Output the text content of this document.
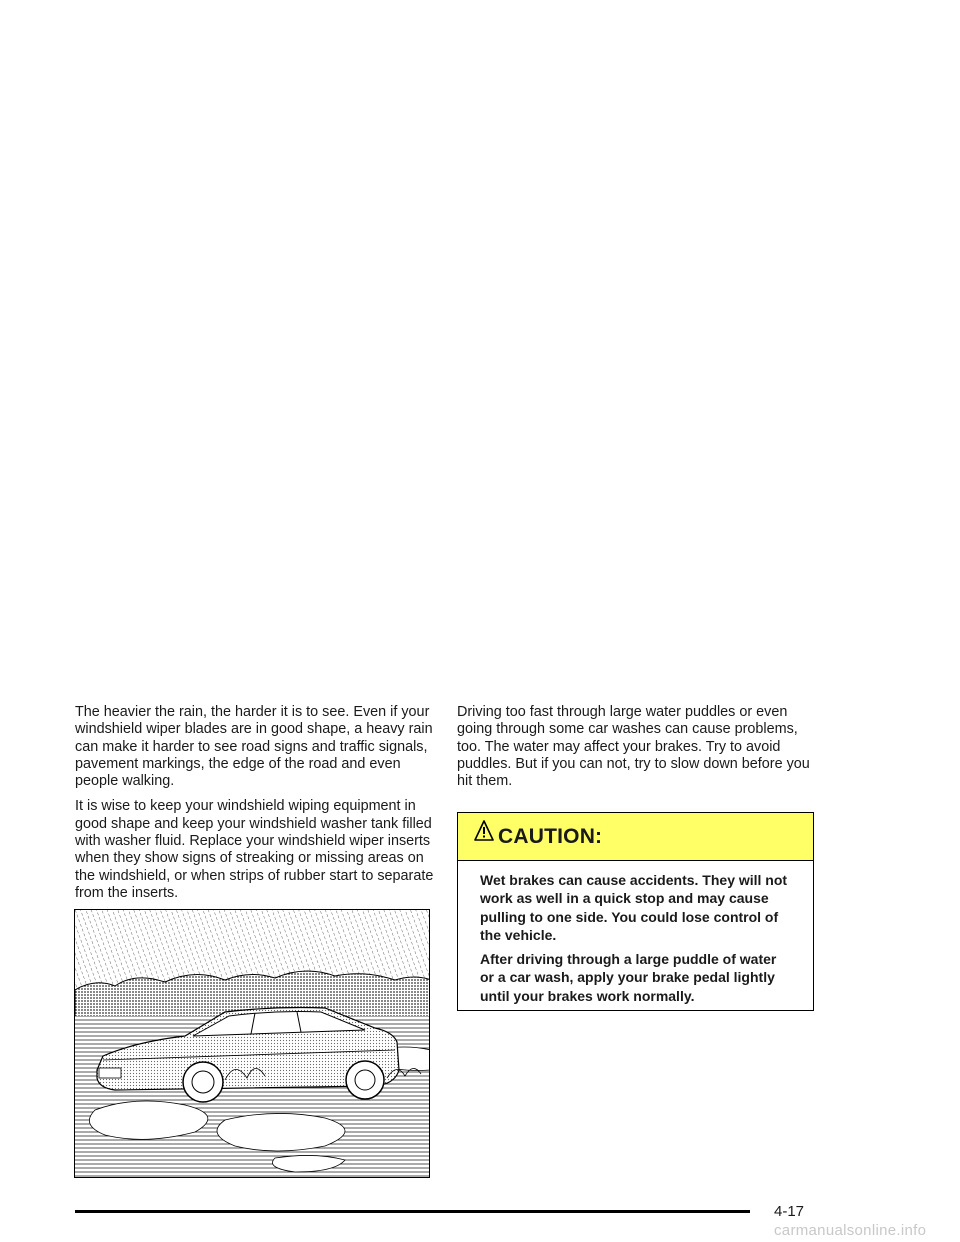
The heavier the rain, the harder it is to see. Even if your windshield wiper blades are in good shape, a heavy rain can make it harder to see road signs and traffic signals, pavement markings, the edge of the road and even people walking.

It is wise to keep your windshield wiping equipment in good shape and keep your windshield washer tank filled with washer fluid. Replace your windshield wiper inserts when they show signs of streaking or missing areas on the windshield, or when strips of rubber start to separate from the inserts.

Driving too fast through large water puddles or even going through some car washes can cause problems, too. The water may affect your brakes. Try to avoid puddles. But if you can not, try to slow down before you hit them.

CAUTION:

Wet brakes can cause accidents. They will not work as well in a quick stop and may cause pulling to one side. You could lose control of the vehicle.

After driving through a large puddle of water or a car wash, apply your brake pedal lightly until your brakes work normally.

4-17
carmanualsonline.info
